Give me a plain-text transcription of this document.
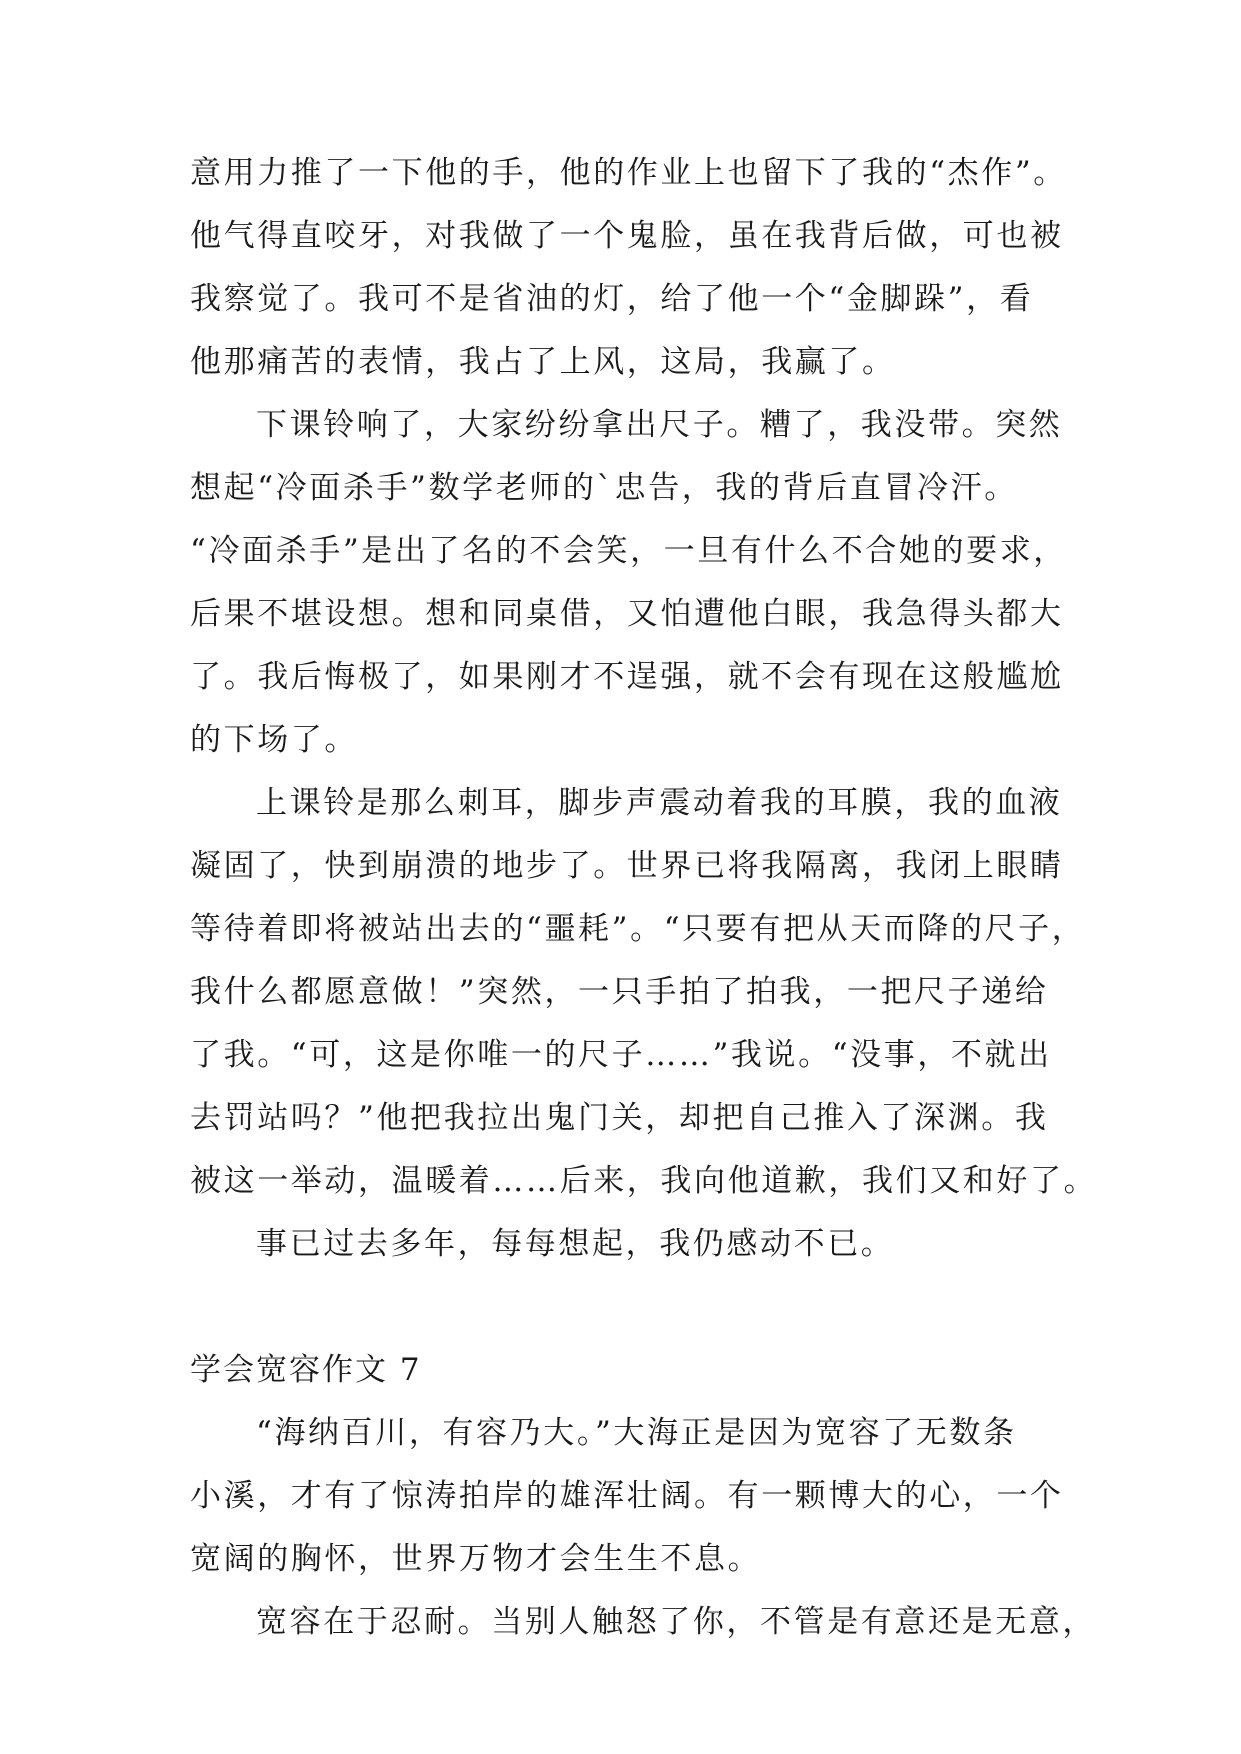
意用力推了一下他的手，他的作业上也留下了我的“杰作”。
他气得直咬牙，对我做了一个鬼脸，虽在我背后做，可也被
我察觉了。我可不是省油的灯，给了他一个“金脚跺”，看
他那痛苦的表情，我占了上风，这局，我赢了。
下课铃响了，大家纷纷拿出尺子。糟了，我没带。突然
想起“冷面杀手”数学老师的`忠告，我的背后直冒冷汗。
“冷面杀手”是出了名的不会笑，一旦有什么不合她的要求，
后果不堪设想。想和同桌借，又怕遭他白眼，我急得头都大
了。我后悔极了，如果刚才不逞强，就不会有现在这般尴尬
的下场了。
上课铃是那么刺耳，脚步声震动着我的耳膜，我的血液
凝固了，快到崩溃的地步了。世界已将我隔离，我闭上眼睛
等待着即将被站出去的“噩耗”。“只要有把从天而降的尺子，
我什么都愿意做！”突然，一只手拍了拍我，一把尺子递给
了我。“可，这是你唯一的尺子……”我说。“没事，不就出
去罚站吗？”他把我拉出鬼门关，却把自己推入了深渊。我
被这一举动，温暖着……后来，我向他道歉，我们又和好了。
事已过去多年，每每想起，我仍感动不已。
学会宽容作文 7
“海纳百川，有容乃大。”大海正是因为宽容了无数条
小溪，才有了惊涛拍岸的雄浑壮阔。有一颗博大的心，一个
宽阔的胸怀，世界万物才会生生不息。
宽容在于忍耐。当别人触怒了你，不管是有意还是无意，
